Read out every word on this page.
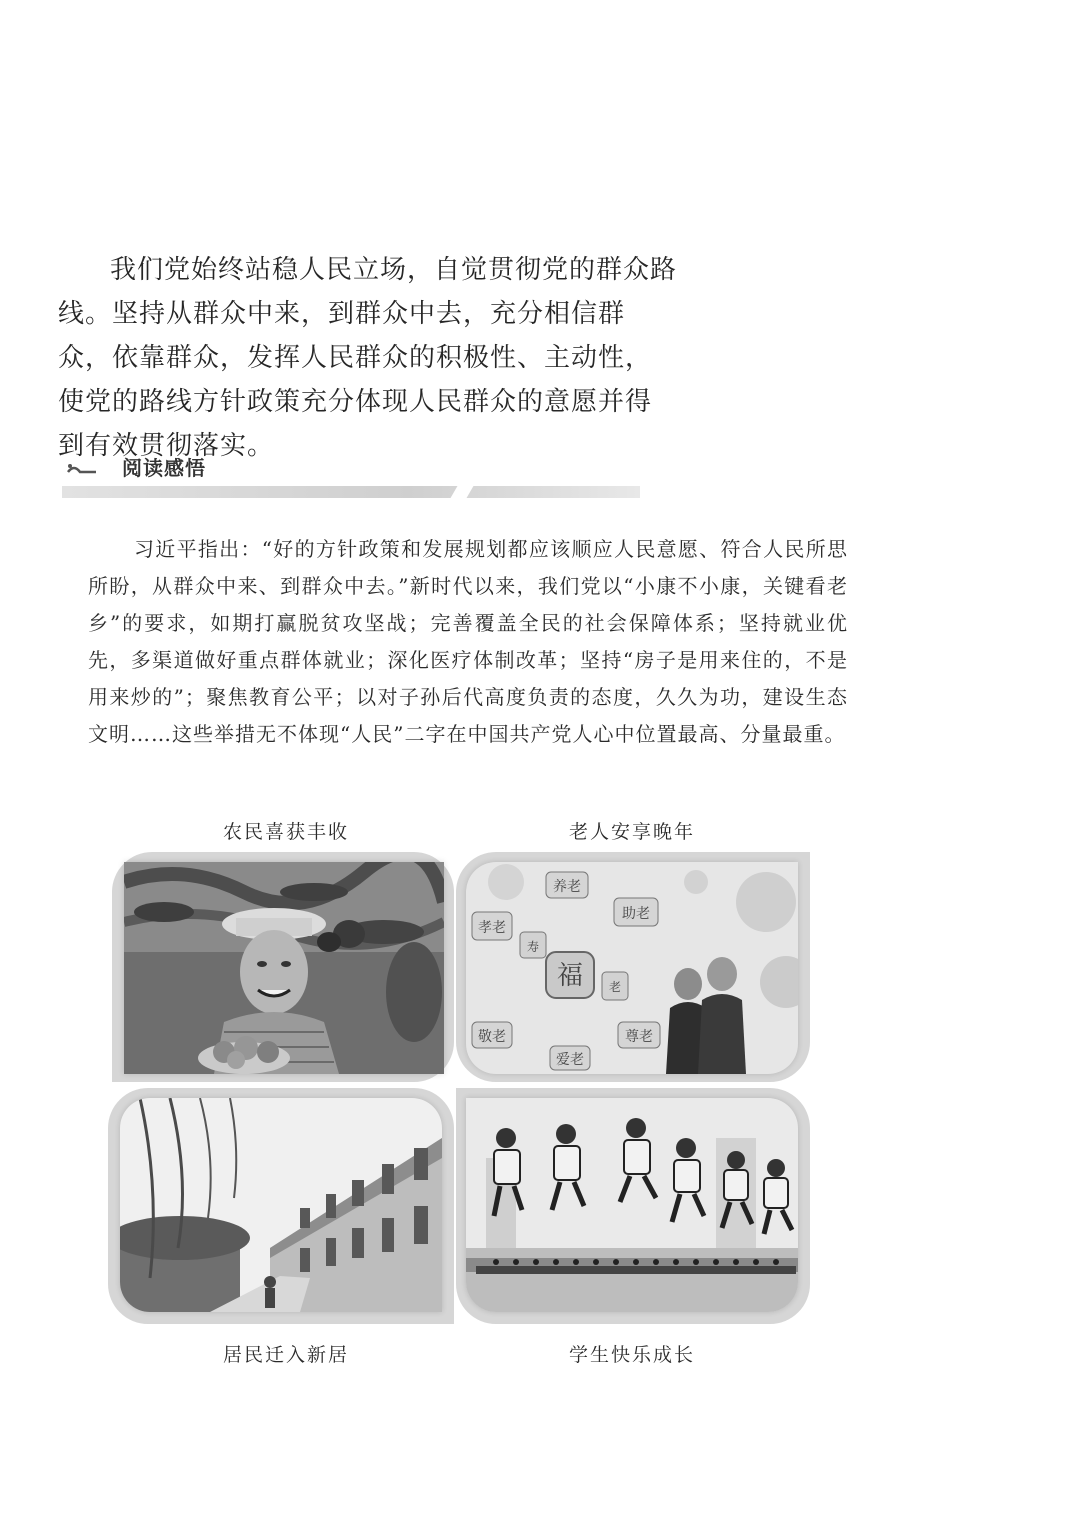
我们党始终站稳人民立场，自觉贯彻党的群众路线。坚持从群众中来，到群众中去，充分相信群众，依靠群众，发挥人民群众的积极性、主动性，使党的路线方针政策充分体现人民群众的意愿并得到有效贯彻落实。

阅读感悟

习近平指出：“好的方针政策和发展规划都应该顺应人民意愿、符合人民所思所盼，从群众中来、到群众中去。”新时代以来，我们党以“小康不小康，关键看老乡”的要求，如期打赢脱贫攻坚战；完善覆盖全民的社会保障体系；坚持就业优先，多渠道做好重点群体就业；深化医疗体制改革；坚持“房子是用来住的，不是用来炒的”；聚焦教育公平；以对子孙后代高度负责的态度，久久为功，建设生态文明……这些举措无不体现“人民”二字在中国共产党人心中位置最高、分量最重。

农民喜获丰收	老人安享晚年
养老
助老
孝老
敬老	尊老
爱老
福
寿
老
居民迁入新居	学生快乐成长
